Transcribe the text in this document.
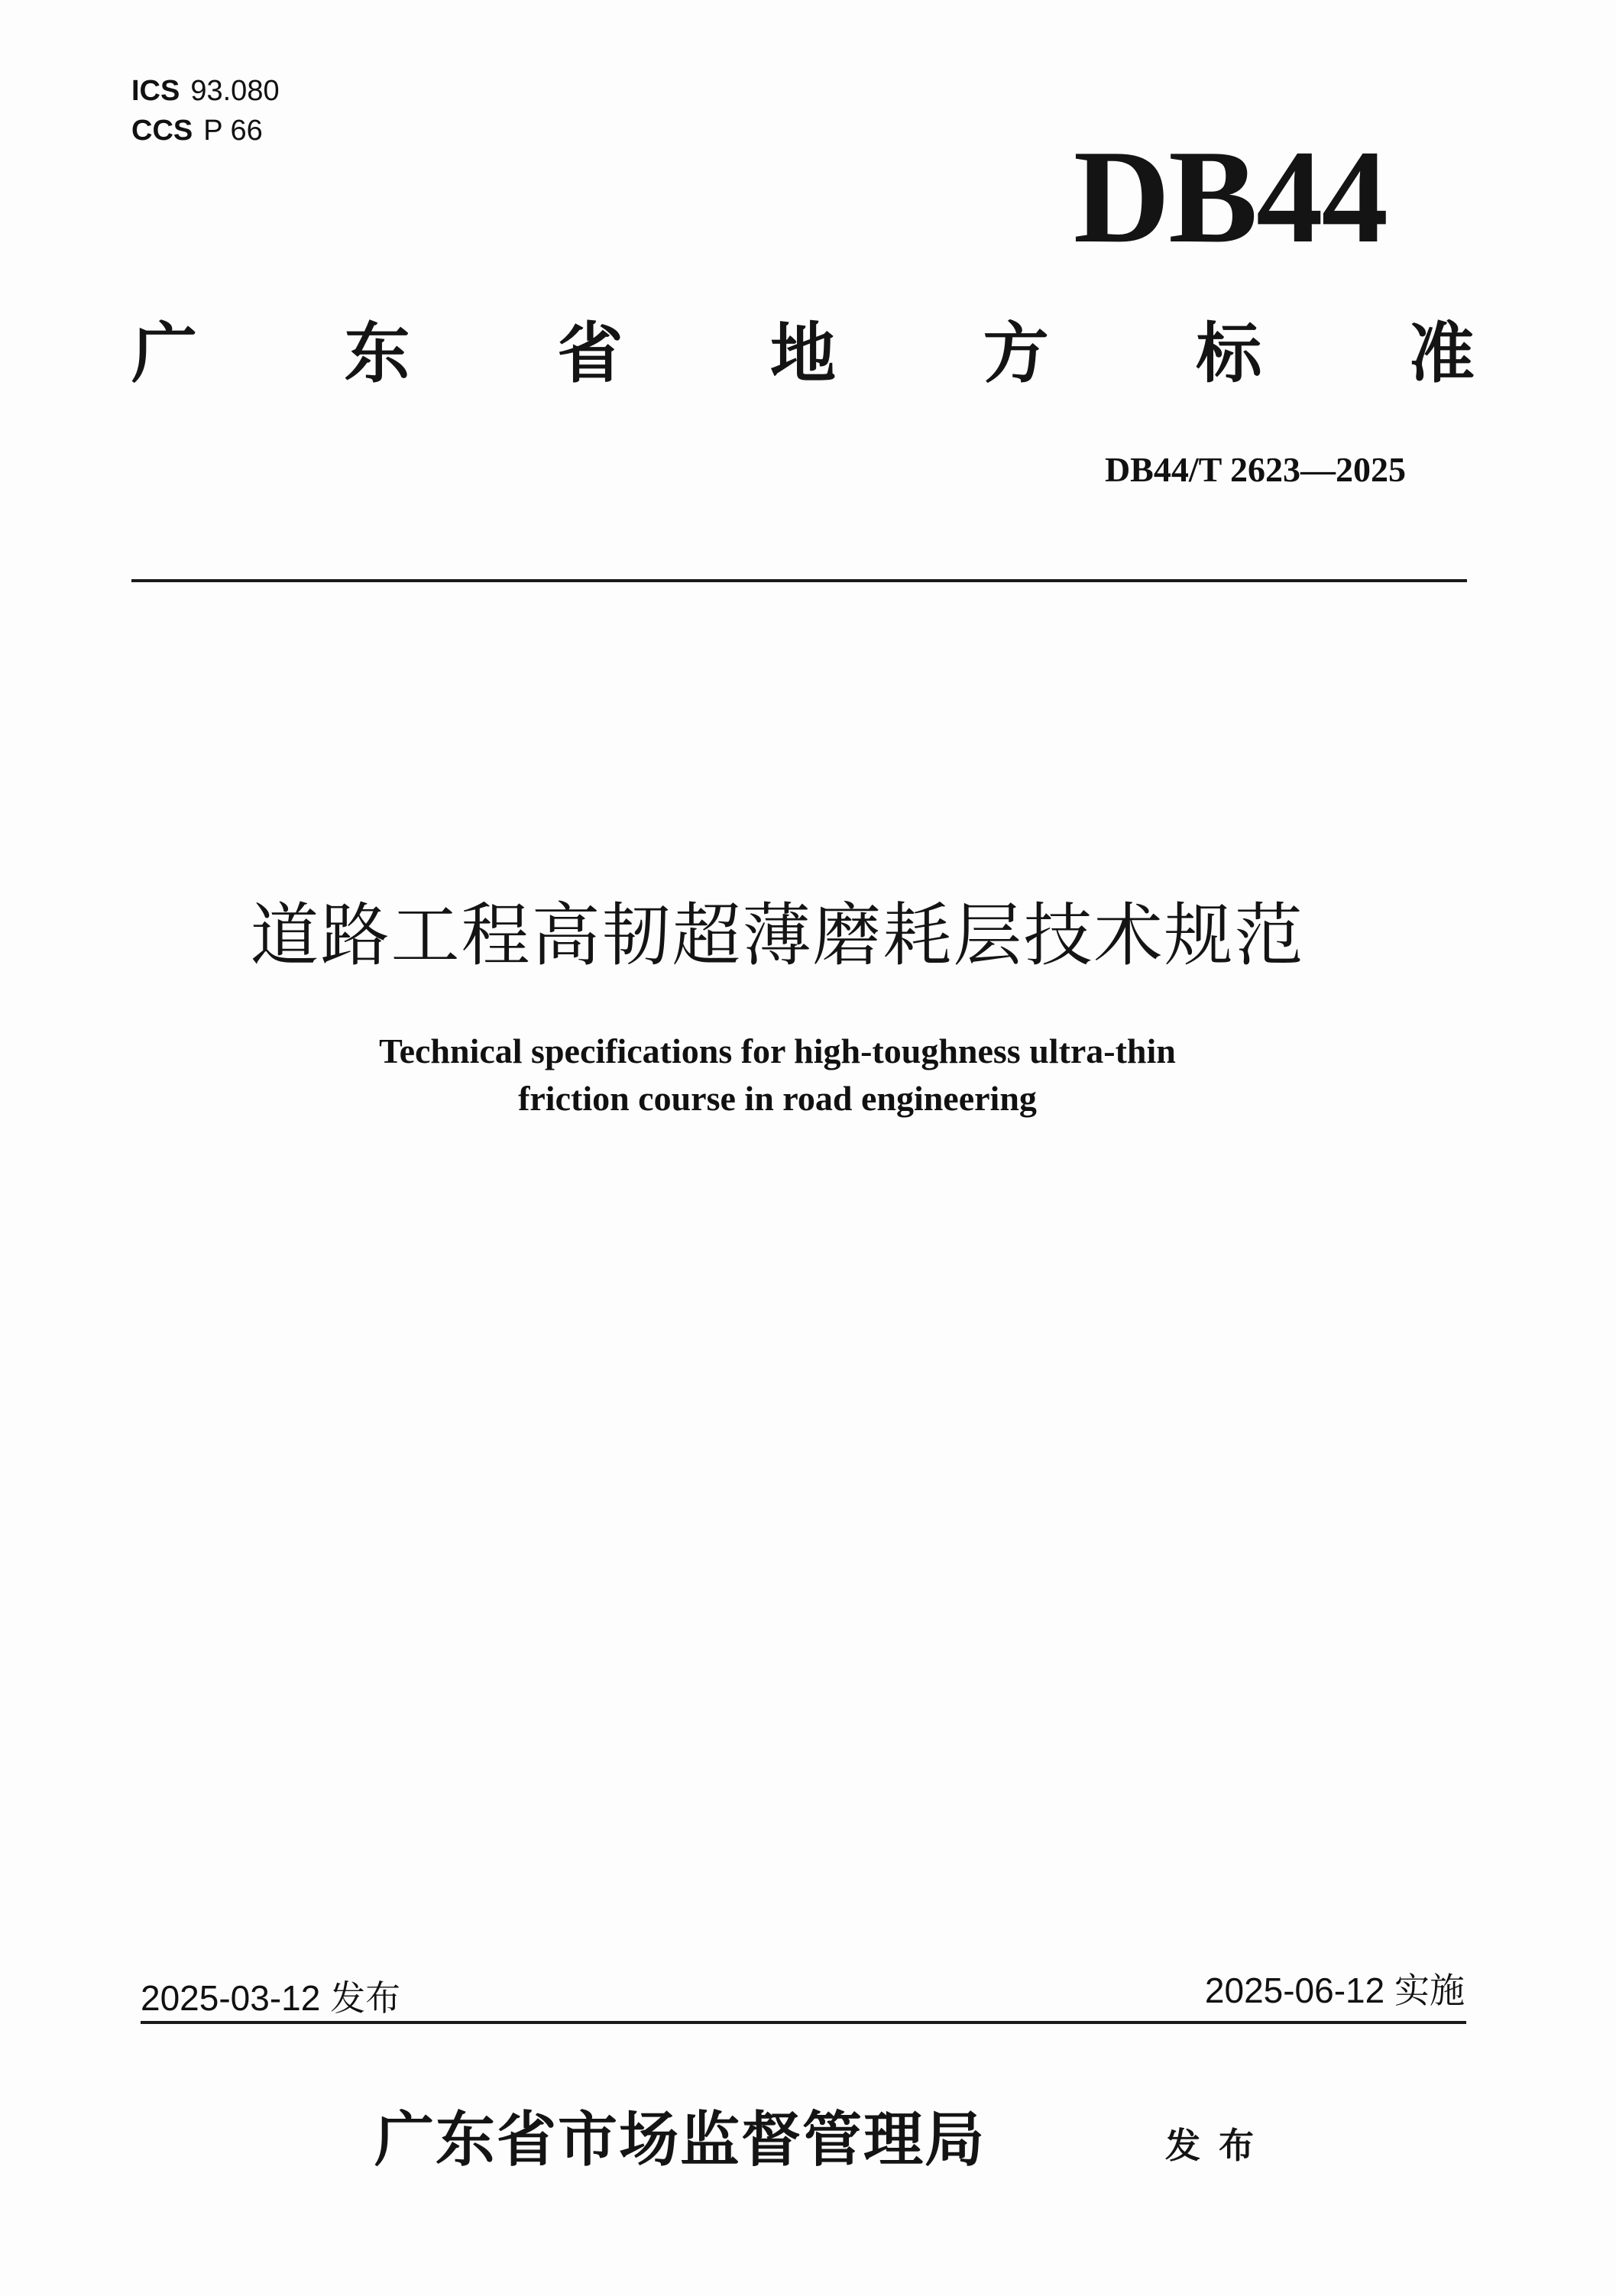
ICS 93.080
CCS P 66	DB44
广 东 省 地 方 标 准
DB44/T 2623—2025
道路工程高韧超薄磨耗层技术规范
Technical specifications for high-toughness ultra-thin
friction course in road engineering
2025-03-12 发布	2025-06-12 实施
广东省市场监督管理局	发布
